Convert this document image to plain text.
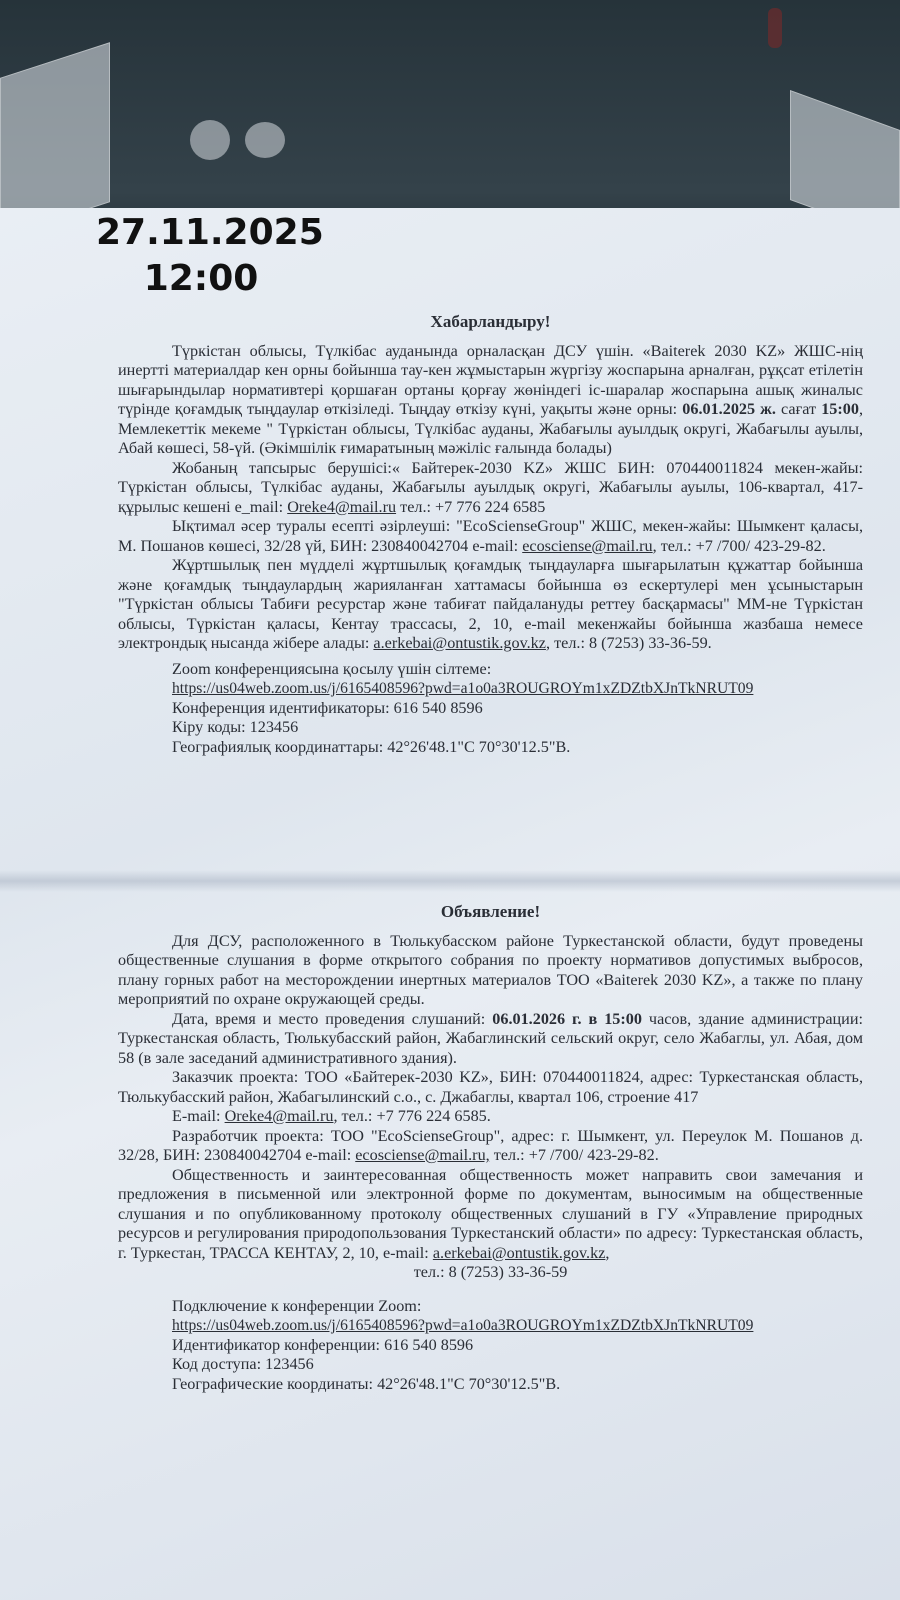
27.11.2025
12:00
Хабарландыру!

Түркістан облысы, Түлкібас ауданында орналасқан ДСУ үшін. «Baiterek 2030 KZ» ЖШС-нің инертті материалдар кен орны бойынша тау-кен жұмыстарын жүргізу жоспарына арналған, рұқсат етілетін шығарындылар нормативтері қоршаған ортаны қорғау жөніндегі іс-шаралар жоспарына ашық жиналыс түрінде қоғамдық тыңдаулар өткізіледі. Тыңдау өткізу күні, уақыты және орны: 06.01.2025 ж. сағат 15:00, Мемлекеттік мекеме " Түркістан облысы, Түлкібас ауданы, Жабағылы ауылдық округі, Жабағылы ауылы, Абай көшесі, 58-үй. (Әкімшілік ғимаратының мәжіліс ғалында болады)

Жобаның тапсырыс берушісі:« Байтерек-2030 KZ» ЖШС БИН: 070440011824 мекен-жайы: Түркістан облысы, Түлкібас ауданы, Жабағылы ауылдық округі, Жабағылы ауылы, 106-квартал, 417-құрылыс кешені e_mail: Oreke4@mail.ru тел.: +7 776 224 6585

Ықтимал әсер туралы есепті әзірлеуші: "EcoScienseGroup" ЖШС, мекен-жайы: Шымкент қаласы, М. Пошанов көшесі, 32/28 үй, БИН: 230840042704 e-mail: ecosciense@mail.ru, тел.: +7 /700/ 423-29-82.

Жұртшылық пен мүдделі жұртшылық қоғамдық тыңдауларға шығарылатын құжаттар бойынша және қоғамдық тыңдаулардың жарияланған хаттамасы бойынша өз ескертулері мен ұсыныстарын "Түркістан облысы Табиғи ресурстар және табиғат пайдалануды реттеу басқармасы" ММ-не Түркістан облысы, Түркістан қаласы, Кентау трассасы, 2, 10, e-mail мекенжайы бойынша жазбаша немесе электрондық нысанда жібере алады: a.erkebai@ontustik.gov.kz, тел.: 8 (7253) 33-36-59.

Zoom конференциясына қосылу үшін сілтеме:

https://us04web.zoom.us/j/6165408596?pwd=a1o0a3ROUGROYm1xZDZtbXJnTkNRUT09

Конференция идентификаторы: 616 540 8596

Кіру коды: 123456

Географиялық координаттары: 42°26'48.1"С 70°30'12.5"В.

Объявление!

Для ДСУ, расположенного в Тюлькубасском районе Туркестанской области, будут проведены общественные слушания в форме открытого собрания по проекту нормативов допустимых выбросов, плану горных работ на месторождении инертных материалов ТОО «Baiterek 2030 KZ», а также по плану мероприятий по охране окружающей среды.

Дата, время и место проведения слушаний: 06.01.2026 г. в 15:00 часов, здание администрации: Туркестанская область, Тюлькубасский район, Жабаглинский сельский округ, село Жабаглы, ул. Абая, дом 58 (в зале заседаний административного здания).

Заказчик проекта: ТОО «Байтерек-2030 KZ», БИН: 070440011824, адрес: Туркестанская область, Тюлькубасский район, Жабагылинский с.о., с. Джабаглы, квартал 106, строение 417

E-mail: Oreke4@mail.ru, тел.: +7 776 224 6585.

Разработчик проекта: ТОО "EcoScienseGroup", адрес: г. Шымкент, ул. Переулок М. Пошанов д. 32/28, БИН: 230840042704 e-mail: ecosciense@mail.ru, тел.: +7 /700/ 423-29-82.

Общественность и заинтересованная общественность может направить свои замечания и предложения в письменной или электронной форме по документам, выносимым на общественные слушания и по опубликованному протоколу общественных слушаний в ГУ «Управление природных ресурсов и регулирования природопользования Туркестанский области» по адресу: Туркестанская область, г. Туркестан, ТРАССА КЕНТАУ, 2, 10, e-mail: a.erkebai@ontustik.gov.kz,

тел.: 8 (7253) 33-36-59

Подключение к конференции Zoom:

https://us04web.zoom.us/j/6165408596?pwd=a1o0a3ROUGROYm1xZDZtbXJnTkNRUT09

Идентификатор конференции: 616 540 8596

Код доступа: 123456

Географические координаты: 42°26'48.1"С 70°30'12.5"В.
